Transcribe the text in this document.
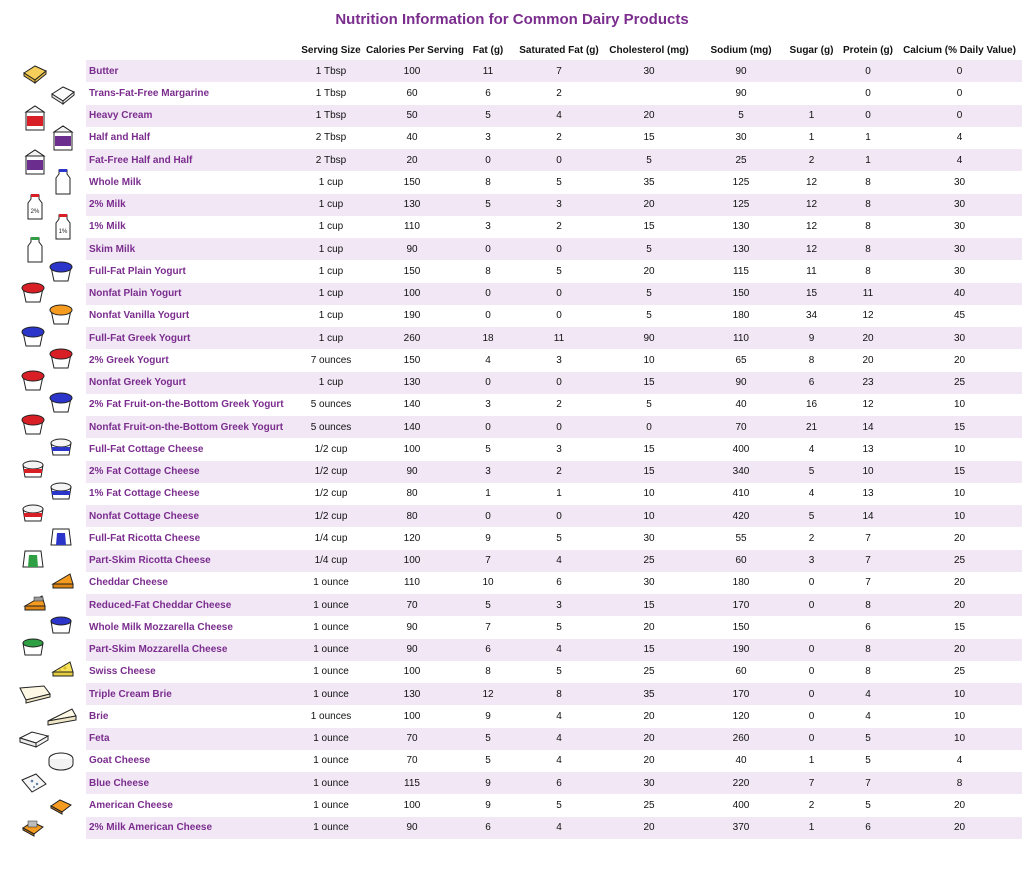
Nutrition Information for Common Dairy Products
2%
1%
	Serving Size	Calories Per Serving	Fat (g)	Saturated Fat (g)	Cholesterol (mg)	Sodium (mg)	Sugar (g)	Protein (g)	Calcium (% Daily Value)
Butter	1 Tbsp	100	11	7	30	90		0	0
Trans-Fat-Free Margarine	1 Tbsp	60	6	2		90		0	0
Heavy Cream	1 Tbsp	50	5	4	20	5	1	0	0
Half and Half	2 Tbsp	40	3	2	15	30	1	1	4
Fat-Free Half and Half	2 Tbsp	20	0	0	5	25	2	1	4
Whole Milk	1 cup	150	8	5	35	125	12	8	30
2% Milk	1 cup	130	5	3	20	125	12	8	30
1% Milk	1 cup	110	3	2	15	130	12	8	30
Skim Milk	1 cup	90	0	0	5	130	12	8	30
Full-Fat Plain Yogurt	1 cup	150	8	5	20	115	11	8	30
Nonfat Plain Yogurt	1 cup	100	0	0	5	150	15	11	40
Nonfat Vanilla Yogurt	1 cup	190	0	0	5	180	34	12	45
Full-Fat Greek Yogurt	1 cup	260	18	11	90	110	9	20	30
2% Greek Yogurt	7 ounces	150	4	3	10	65	8	20	20
Nonfat Greek Yogurt	1 cup	130	0	0	15	90	6	23	25
2% Fat Fruit-on-the-Bottom Greek Yogurt	5 ounces	140	3	2	5	40	16	12	10
Nonfat Fruit-on-the-Bottom Greek Yogurt	5 ounces	140	0	0	0	70	21	14	15
Full-Fat Cottage Cheese	1/2 cup	100	5	3	15	400	4	13	10
2% Fat Cottage Cheese	1/2 cup	90	3	2	15	340	5	10	15
1% Fat Cottage Cheese	1/2 cup	80	1	1	10	410	4	13	10
Nonfat Cottage Cheese	1/2 cup	80	0	0	10	420	5	14	10
Full-Fat Ricotta Cheese	1/4 cup	120	9	5	30	55	2	7	20
Part-Skim Ricotta Cheese	1/4 cup	100	7	4	25	60	3	7	25
Cheddar Cheese	1 ounce	110	10	6	30	180	0	7	20
Reduced-Fat Cheddar Cheese	1 ounce	70	5	3	15	170	0	8	20
Whole Milk Mozzarella Cheese	1 ounce	90	7	5	20	150		6	15
Part-Skim Mozzarella Cheese	1 ounce	90	6	4	15	190	0	8	20
Swiss Cheese	1 ounce	100	8	5	25	60	0	8	25
Triple Cream Brie	1 ounce	130	12	8	35	170	0	4	10
Brie	1 ounces	100	9	4	20	120	0	4	10
Feta	1 ounce	70	5	4	20	260	0	5	10
Goat Cheese	1 ounce	70	5	4	20	40	1	5	4
Blue Cheese	1 ounce	115	9	6	30	220	7	7	8
American Cheese	1 ounce	100	9	5	25	400	2	5	20
2% Milk American Cheese	1 ounce	90	6	4	20	370	1	6	20
